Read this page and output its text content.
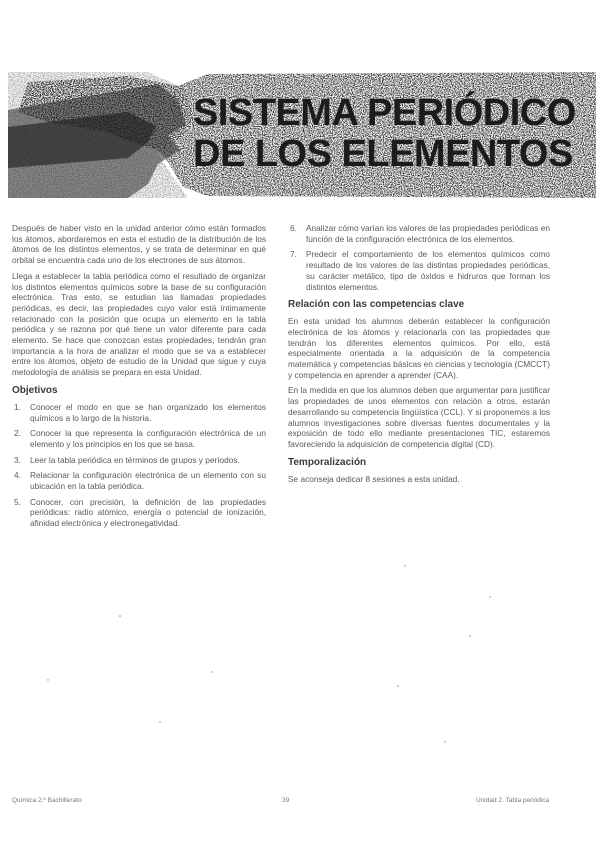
SISTEMA PERIÓDICO
DE LOS ELEMENTOS

Después de haber visto en la unidad anterior cómo están formados los átomos, abordaremos en esta el estudio de la distribución de los átomos de los distintos elementos, y se trata de determinar en qué orbital se encuentra cada uno de los electrones de sus átomos.

Llega a establecer la tabla periódica como el resultado de organizar los distintos elementos químicos sobre la base de su configuración electrónica. Tras esto, se estudian las llamadas propiedades periódicas, es decir, las propiedades cuyo valor está íntimamente relacionado con la posición que ocupa un elemento en la tabla periódica y se razona por qué tiene un valor diferente para cada elemento. Se hace que conozcan estas propiedades, tendrán gran importancia a la hora de analizar el modo que se va a establecer entre los átomos, objeto de estudio de la Unidad que sigue y cuya metodología de análisis se prepara en esta Unidad.

Objetivos
1. Conocer el modo en que se han organizado los elementos químicos a lo largo de la historia.
2. Conocer la que representa la configuración electrónica de un elemento y los principios en los que se basa.
3. Leer la tabla periódica en términos de grupos y períodos.
4. Relacionar la configuración electrónica de un elemento con su ubicación en la tabla periódica.
5. Conocer, con precisión, la definición de las propiedades periódicas: radio atómico, energía o potencial de ionización, afinidad electrónica y electronegatividad.
6. Analizar cómo varían los valores de las propiedades periódicas en función de la configuración electrónica de los elementos.
7. Predecir el comportamiento de los elementos químicos como resultado de los valores de las distintas propiedades periódicas, su carácter metálico, tipo de óxidos e hidruros que forman los distintos elementos.
Relación con las competencias clave

En esta unidad los alumnos deberán establecer la configuración electrónica de los átomos y relacionarla con las propiedades que tendrán los diferentes elementos químicos. Por ello, está especialmente orientada a la adquisición de la competencia matemática y competencias básicas en ciencias y tecnología (CMCCT) y competencia en aprender a aprender (CAA).

En la medida en que los alumnos deben que argumentar para justificar las propiedades de unos elementos con relación a otros, estarán desarrollando su competencia lingüística (CCL). Y si proponemos a los alumnos investigaciones sobre diversas fuentes documentales y la exposición de todo ello mediante presentaciones TIC, estaremos favoreciendo la adquisición de competencia digital (CD).

Temporalización

Se aconseja dedicar 8 sesiones a esta unidad.

Química 2.º Bachillerato	39	Unidad 2. Tabla periódica
